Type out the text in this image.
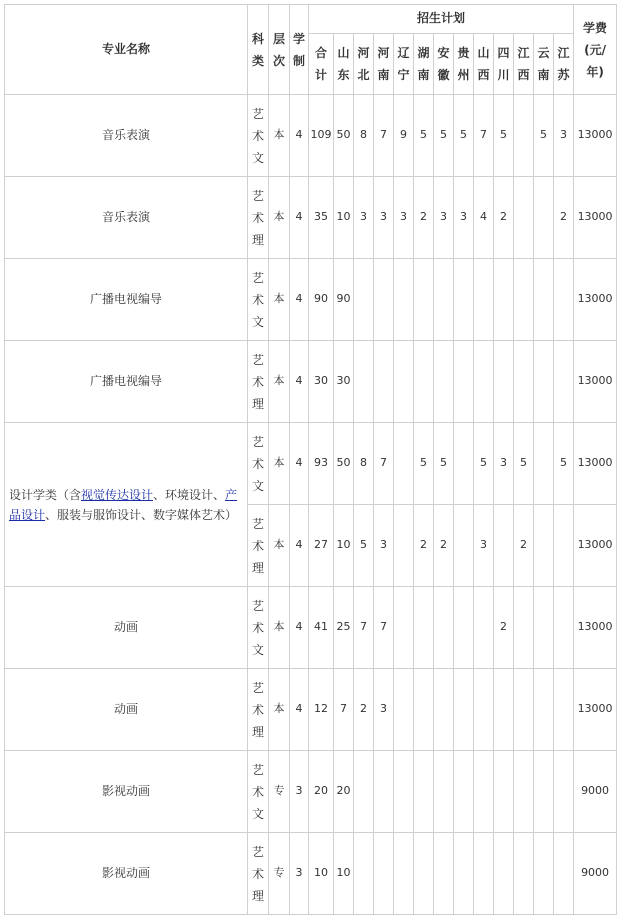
专业名称	科类	层次	学制	招生计划													学费(元/年)
				合计	山东	河北	河南	辽宁	湖南	安徽	贵州	山西	四川	江西	云南	江苏	
音乐表演	艺术文	本	4	109	50	8	7	9	5	5	5	7	5		5	3	13000
音乐表演	艺术理	本	4	35	10	3	3	3	2	3	3	4	2			2	13000
广播电视编导	艺术文	本	4	90	90												13000
广播电视编导	艺术理	本	4	30	30												13000
设计学类（含视觉传达设计、环境设计、产品设计、服装与服饰设计、数字媒体艺术）	艺术文	本	4	93	50	8	7		5	5		5	3	5		5	13000
	艺术理	本	4	27	10	5	3		2	2		3		2			13000
动画	艺术文	本	4	41	25	7	7						2				13000
动画	艺术理	本	4	12	7	2	3										13000
影视动画	艺术文	专	3	20	20												9000
影视动画	艺术理	专	3	10	10												9000
